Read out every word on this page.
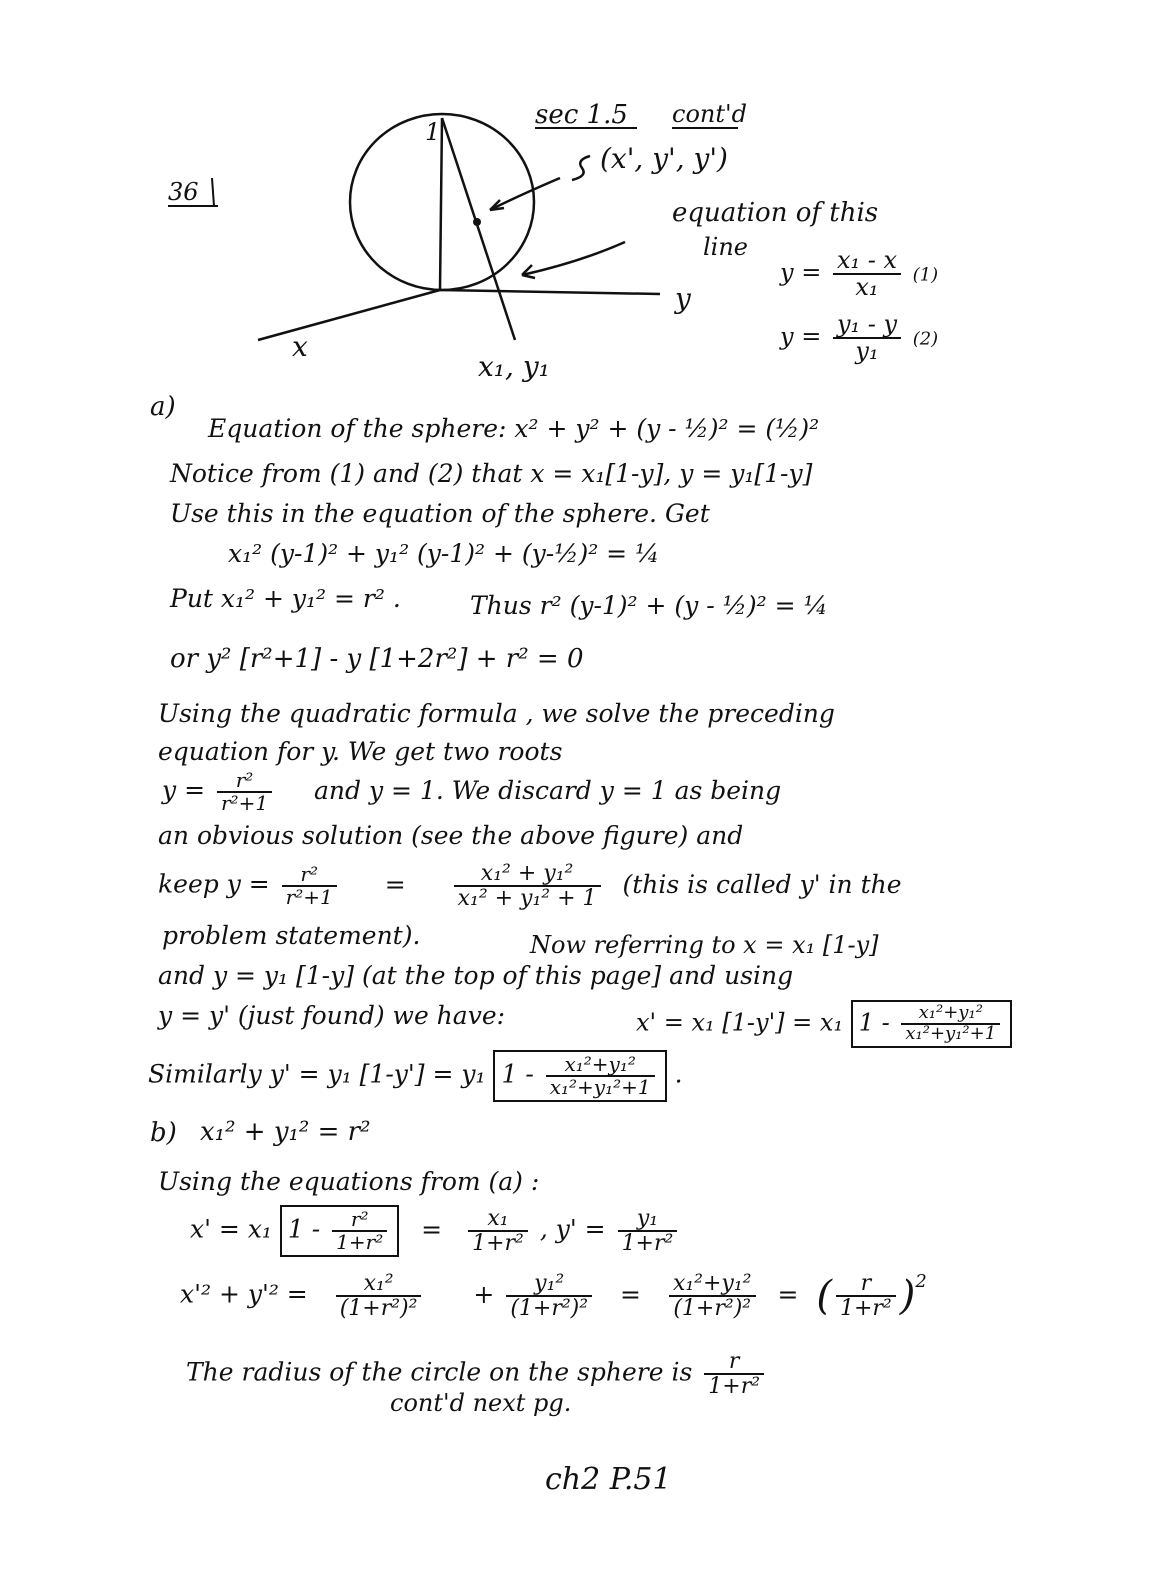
sec 1.5 cont'd
36
1
(x', y', y')
x
y
x₁, y₁
equation of this
line
$y = \frac{\text{x₁ - x}}{\text{x₁}} (1)$
$y = \frac{\text{y₁ - y}}{\text{y₁}} (2)$
a)
Equation of the sphere: x² + y² + (y - ½)² = (½)²
Notice from (1) and (2) that x = x₁[1-y], y = y₁[1-y]
Use this in the equation of the sphere. Get
x₁² (y-1)² + y₁² (y-1)² + (y-½)² = ¼
Put x₁² + y₁² = r² .	Thus r² (y-1)² + (y - ½)² = ¼
or y² [r²+1] - y [1+2r²] + r² = 0
Using the quadratic formula , we solve the preceding
equation for y. We get two roots
$y = \frac{\text{r²}}{\text{r²+1}}$ and y = 1. We discard y = 1 as being
an obvious solution (see the above figure) and
keep $y = \frac{\text{r²}}{\text{r²+1}} = \frac{\text{x₁² + y₁²}}{\text{x₁² + y₁² + 1}}$ (this is called y' in the
problem statement).	Now referring to x = x₁ [1-y]
and y = y₁ [1-y] (at the top of this page] and using
y = y' (just found) we have:	x' = x₁ [1-y'] = x₁ $1 - \frac{\text{x₁²+y₁²}}{\text{x₁²+y₁²+1}}$
Similarly y' = y₁ [1-y'] = y₁ $1 - \frac{\text{x₁²+y₁²}}{\text{x₁²+y₁²+1}}$ .
b) x₁² + y₁² = r²
Using the equations from (a) :
x' = x₁ $1 - \frac{\text{r²}}{\text{1+r²}} = \frac{\text{x₁}}{\text{1+r²}}$ , $y' = \frac{\text{y₁}}{\text{1+r²}}$
$x'^2 + y'^2 = \frac{\text{x₁²}}{\text{(1+r²)²}} + \frac{\text{y₁²}}{\text{(1+r²)²}} = \frac{\text{x₁²+y₁²}}{\text{(1+r²)²}}$ = ( $\frac{r}{\text{1+r²}} )^2$
The radius of the circle on the sphere is $\frac{r}{\text{1+r²}}$
cont'd next pg.
ch2 P.51
